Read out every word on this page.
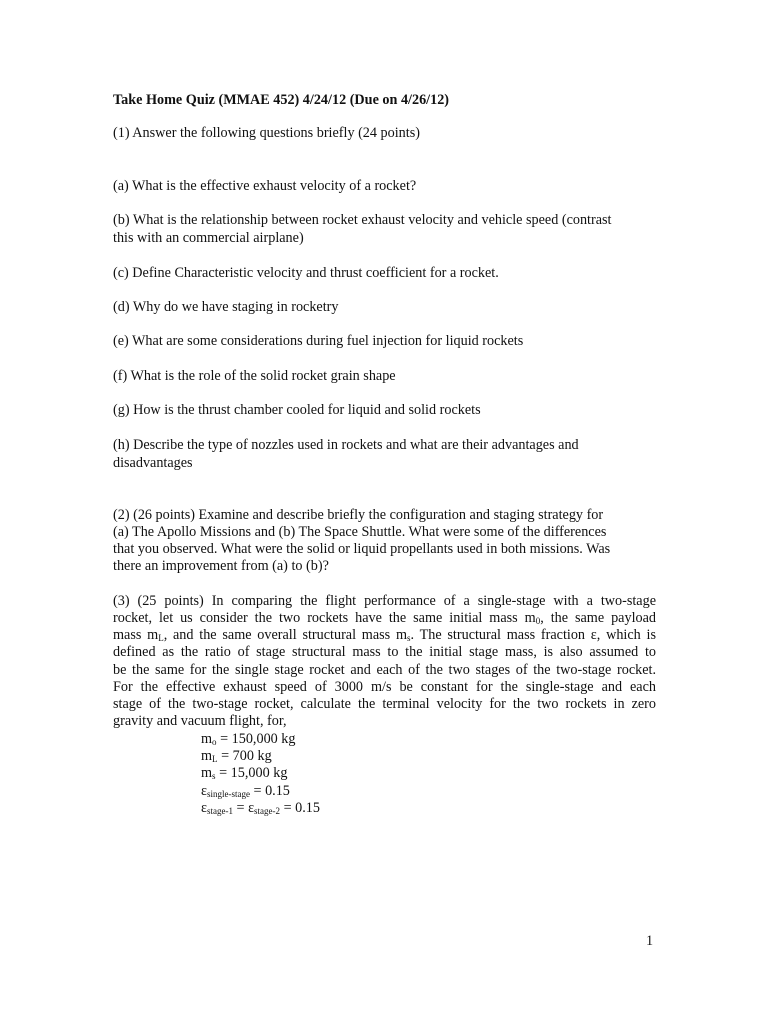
Take Home Quiz (MMAE 452) 4/24/12 (Due on 4/26/12)
(1) Answer the following questions briefly (24 points)
(a) What is the effective exhaust velocity of a rocket?
(b) What is the relationship between rocket exhaust velocity and vehicle speed (contrast
this with an commercial airplane)
(c) Define Characteristic velocity and thrust coefficient for a rocket.
(d) Why do we have staging in rocketry
(e) What are some considerations during fuel injection for liquid rockets
(f) What is the role of the solid rocket grain shape
(g) How is the thrust chamber cooled for liquid and solid rockets
(h) Describe the type of nozzles used in rockets and what are their advantages and
disadvantages
(2) (26 points) Examine and describe briefly the configuration and staging strategy for
(a) The Apollo Missions and (b) The Space Shuttle. What were some of the differences
that you observed. What were the solid or liquid propellants used in both missions. Was
there an improvement from (a) to (b)?
(3) (25 points) In comparing the flight performance of a single-stage with a two-stage
rocket, let us consider the two rockets have the same initial mass $m_0$, the same payload
mass $m_L$, and the same overall structural mass $m_s$. The structural mass fraction ε, which is
defined as the ratio of stage structural mass to the initial stage mass, is also assumed to
be the same for the single stage rocket and each of the two stages of the two-stage rocket.
For the effective exhaust speed of 3000 m/s be constant for the single-stage and each
stage of the two-stage rocket, calculate the terminal velocity for the two rockets in zero
gravity and vacuum flight, for,
$m_o = 150,000$ kg
$m_L = 700$ kg
$m_s = 15,000$ kg
$\varepsilon_{single-stage} = 0.15$
$\varepsilon_{stage-1} = \varepsilon_{stage-2} = 0.15$
1
